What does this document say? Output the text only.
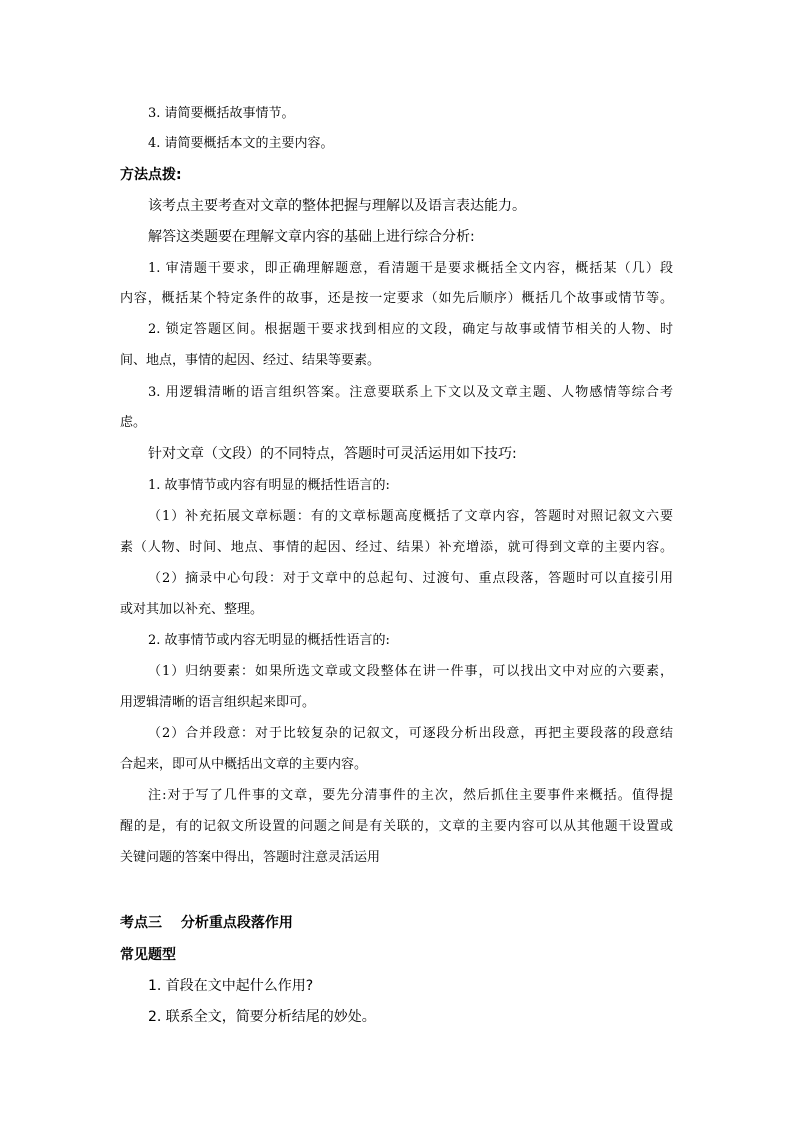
3. 请简要概括故事情节。
4. 请简要概括本文的主要内容。
方法点拨:
该考点主要考查对文章的整体把握与理解以及语言表达能力。
解答这类题要在理解文章内容的基础上进行综合分析:
1. 审清题干要求，即正确理解题意，看清题干是要求概括全文内容，概括某（几）段
内容，概括某个特定条件的故事，还是按一定要求（如先后顺序）概括几个故事或情节等。
2. 锁定答题区间。根据题干要求找到相应的文段，确定与故事或情节相关的人物、时
间、地点，事情的起因、经过、结果等要素。
3. 用逻辑清晰的语言组织答案。注意要联系上下文以及文章主题、人物感情等综合考
虑。
针对文章（文段）的不同特点，答题时可灵活运用如下技巧:
1. 故事情节或内容有明显的概括性语言的:
（1）补充拓展文章标题：有的文章标题高度概括了文章内容，答题时对照记叙文六要
素（人物、时间、地点、事情的起因、经过、结果）补充增添，就可得到文章的主要内容。
（2）摘录中心句段：对于文章中的总起句、过渡句、重点段落，答题时可以直接引用
或对其加以补充、整理。
2. 故事情节或内容无明显的概括性语言的:
（1）归纳要素：如果所选文章或文段整体在讲一件事，可以找出文中对应的六要素，
用逻辑清晰的语言组织起来即可。
（2）合并段意：对于比较复杂的记叙文，可逐段分析出段意，再把主要段落的段意结
合起来，即可从中概括出文章的主要内容。
注:对于写了几件事的文章，要先分清事件的主次，然后抓住主要事件来概括。值得提
醒的是，有的记叙文所设置的问题之间是有关联的，文章的主要内容可以从其他题干设置或
关键问题的答案中得出，答题时注意灵活运用
考点三　 分析重点段落作用
常见题型
1. 首段在文中起什么作用?
2. 联系全文，简要分析结尾的妙处。
